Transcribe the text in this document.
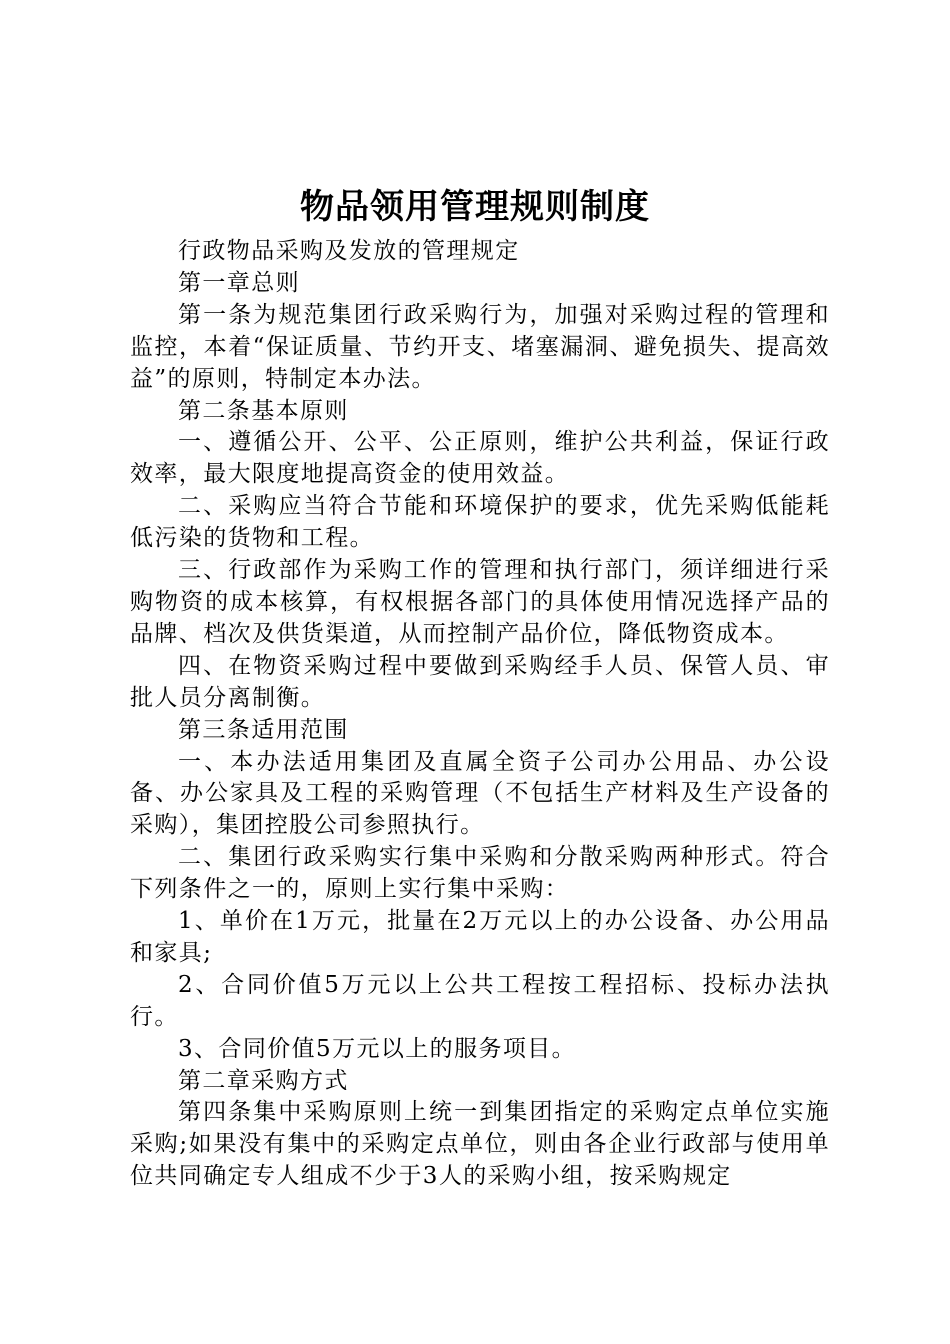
物品领用管理规则制度

行政物品采购及发放的管理规定

第一章总则

第一条为规范集团行政采购行为，加强对采购过程的管理和监控，本着“保证质量、节约开支、堵塞漏洞、避免损失、提高效益”的原则，特制定本办法。

第二条基本原则

一、遵循公开、公平、公正原则，维护公共利益，保证行政效率，最大限度地提高资金的使用效益。

二、采购应当符合节能和环境保护的要求，优先采购低能耗低污染的货物和工程。

三、行政部作为采购工作的管理和执行部门，须详细进行采购物资的成本核算，有权根据各部门的具体使用情况选择产品的品牌、档次及供货渠道，从而控制产品价位，降低物资成本。

四、在物资采购过程中要做到采购经手人员、保管人员、审批人员分离制衡。

第三条适用范围

一、本办法适用集团及直属全资子公司办公用品、办公设备、办公家具及工程的采购管理（不包括生产材料及生产设备的采购），集团控股公司参照执行。

二、集团行政采购实行集中采购和分散采购两种形式。符合下列条件之一的，原则上实行集中采购：

1、单价在1万元，批量在2万元以上的办公设备、办公用品和家具;

2、合同价值5万元以上公共工程按工程招标、投标办法执行。

3、合同价值5万元以上的服务项目。

第二章采购方式

第四条集中采购原则上统一到集团指定的采购定点单位实施采购;如果没有集中的采购定点单位，则由各企业行政部与使用单位共同确定专人组成不少于3人的采购小组，按采购规定
